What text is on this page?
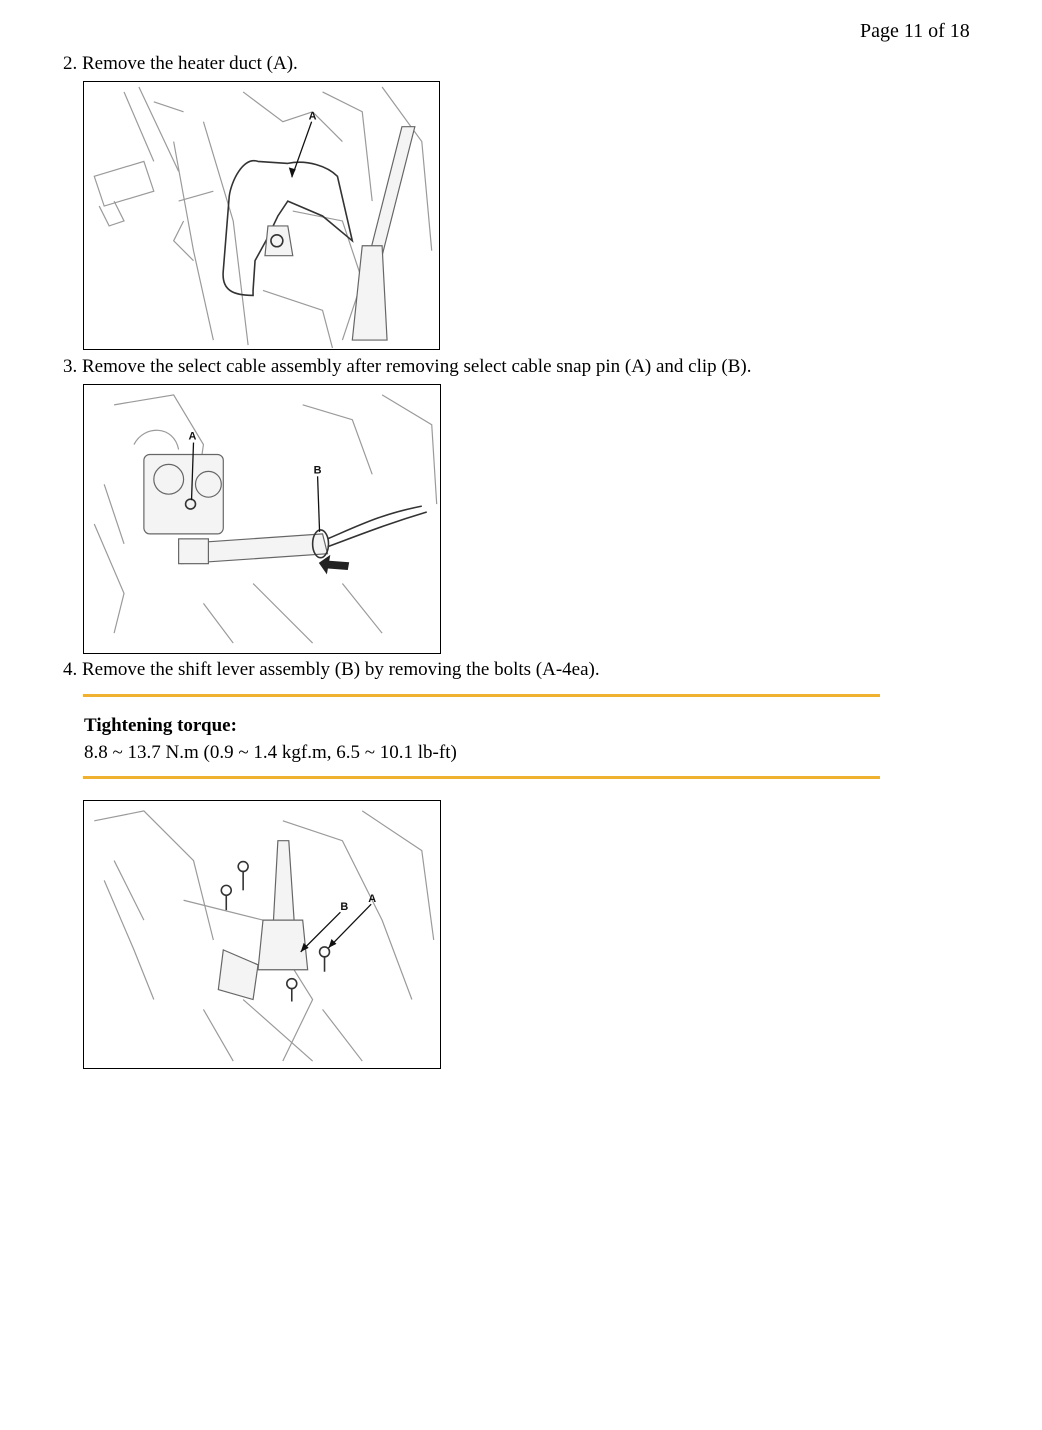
Page 11 of 18
2. Remove the heater duct (A).
A
3. Remove the select cable assembly after removing select cable snap pin (A) and clip (B).
A
B
4. Remove the shift lever assembly (B) by removing the bolts (A-4ea).
Tightening torque:
8.8 ~ 13.7 N.m (0.9 ~ 1.4 kgf.m, 6.5 ~ 10.1 lb-ft)
B
A
